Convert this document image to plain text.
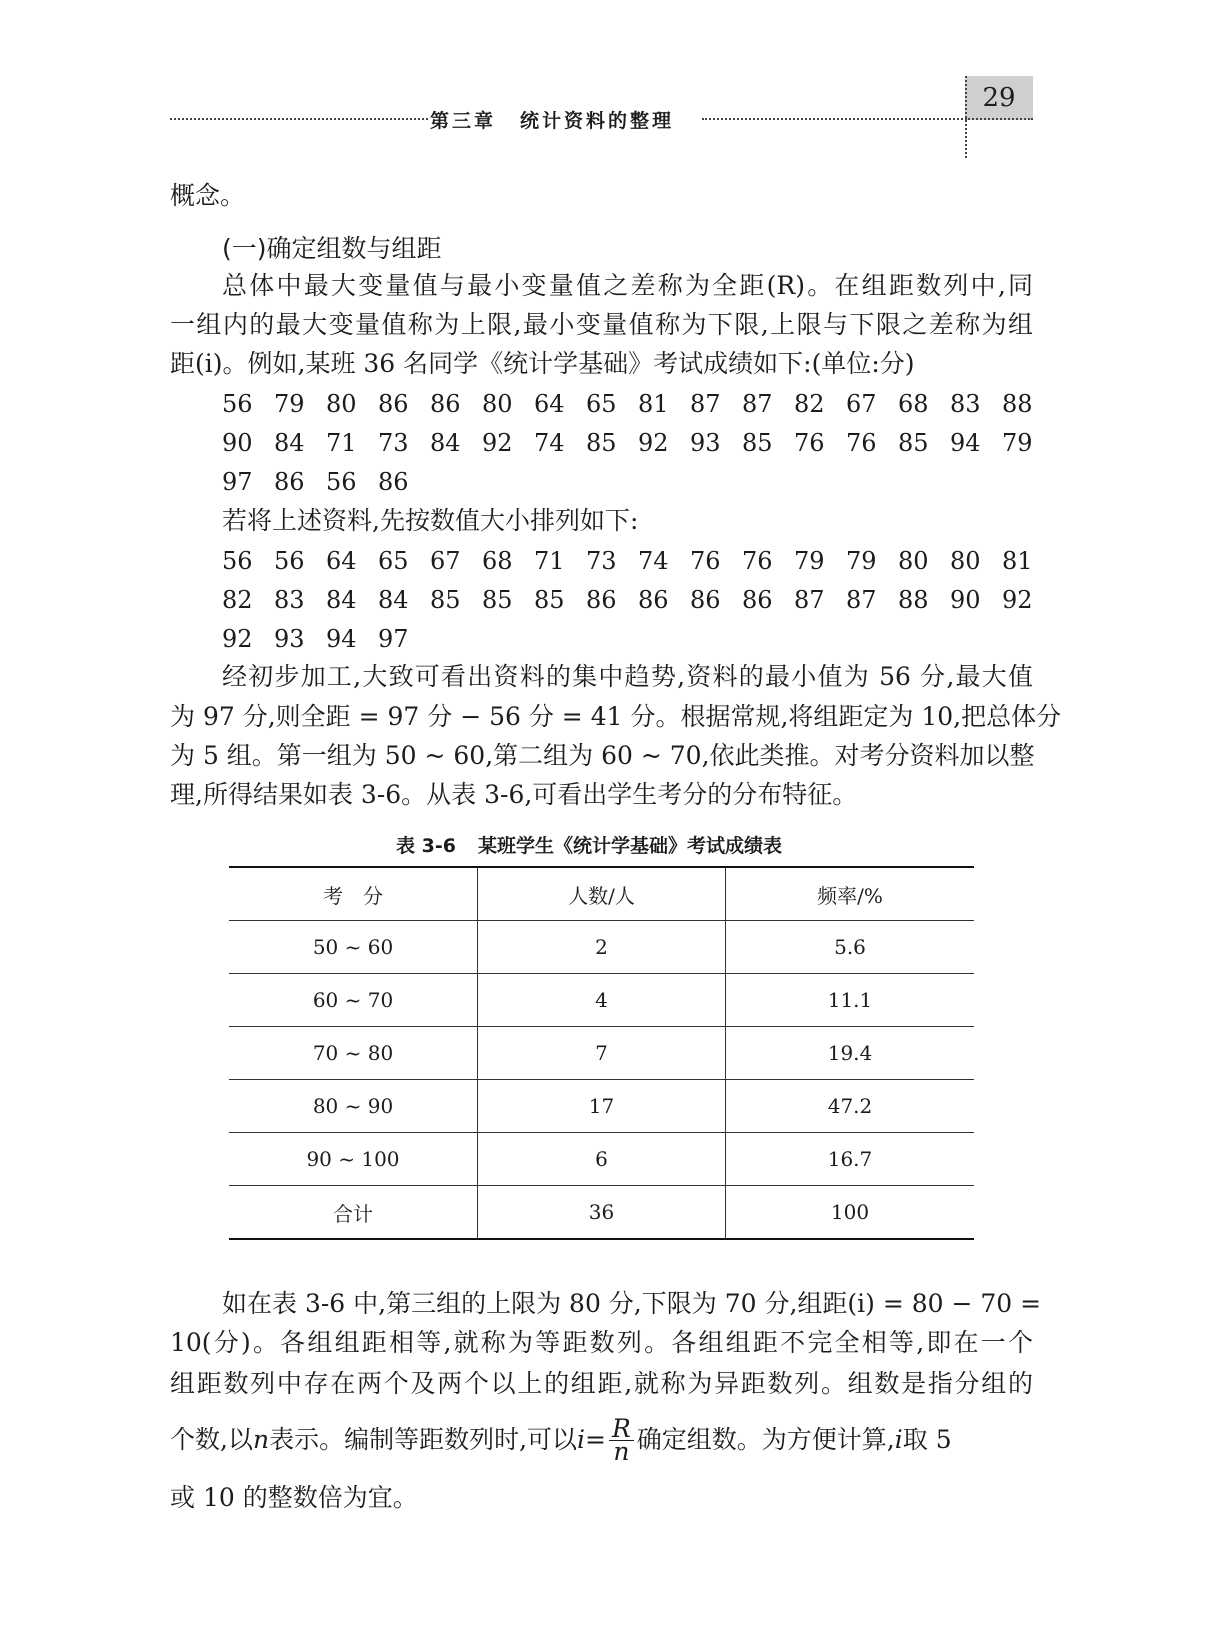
第三章 统计资料的整理
29
概念。
(一)确定组数与组距
总体中最大变量值与最小变量值之差称为全距(R)。在组距数列中,同
一组内的最大变量值称为上限,最小变量值称为下限,上限与下限之差称为组
距(i)。例如,某班 36 名同学《统计学基础》考试成绩如下:(单位:分)
56 79 80 86 86 80 64 65 81 87 87 82 67 68 83 88
90 84 71 73 84 92 74 85 92 93 85 76 76 85 94 79
97 86 56 86
若将上述资料,先按数值大小排列如下:
56 56 64 65 67 68 71 73 74 76 76 79 79 80 80 81
82 83 84 84 85 85 85 86 86 86 86 87 87 88 90 92
92 93 94 97
经初步加工,大致可看出资料的集中趋势,资料的最小值为 56 分,最大值
为 97 分,则全距 = 97 分 − 56 分 = 41 分。根据常规,将组距定为 10,把总体分
为 5 组。第一组为 50 ~ 60,第二组为 60 ~ 70,依此类推。对考分资料加以整
理,所得结果如表 3-6。从表 3-6,可看出学生考分的分布特征。
表 3-6 某班学生《统计学基础》考试成绩表
考　分	人数/人	频率/%
50 ~ 60	2	5.6
60 ~ 70	4	11.1
70 ~ 80	7	19.4
80 ~ 90	17	47.2
90 ~ 100	6	16.7
合计	36	100
如在表 3-6 中,第三组的上限为 80 分,下限为 70 分,组距(i) = 80 − 70 =
10(分)。各组组距相等,就称为等距数列。各组组距不完全相等,即在一个
组距数列中存在两个及两个以上的组距,就称为异距数列。组数是指分组的
个数,以 n 表示。编制等距数列时,可以 $i = \frac{R}{n}$ 确定组数。为方便计算, i 取 5
或 10 的整数倍为宜。
